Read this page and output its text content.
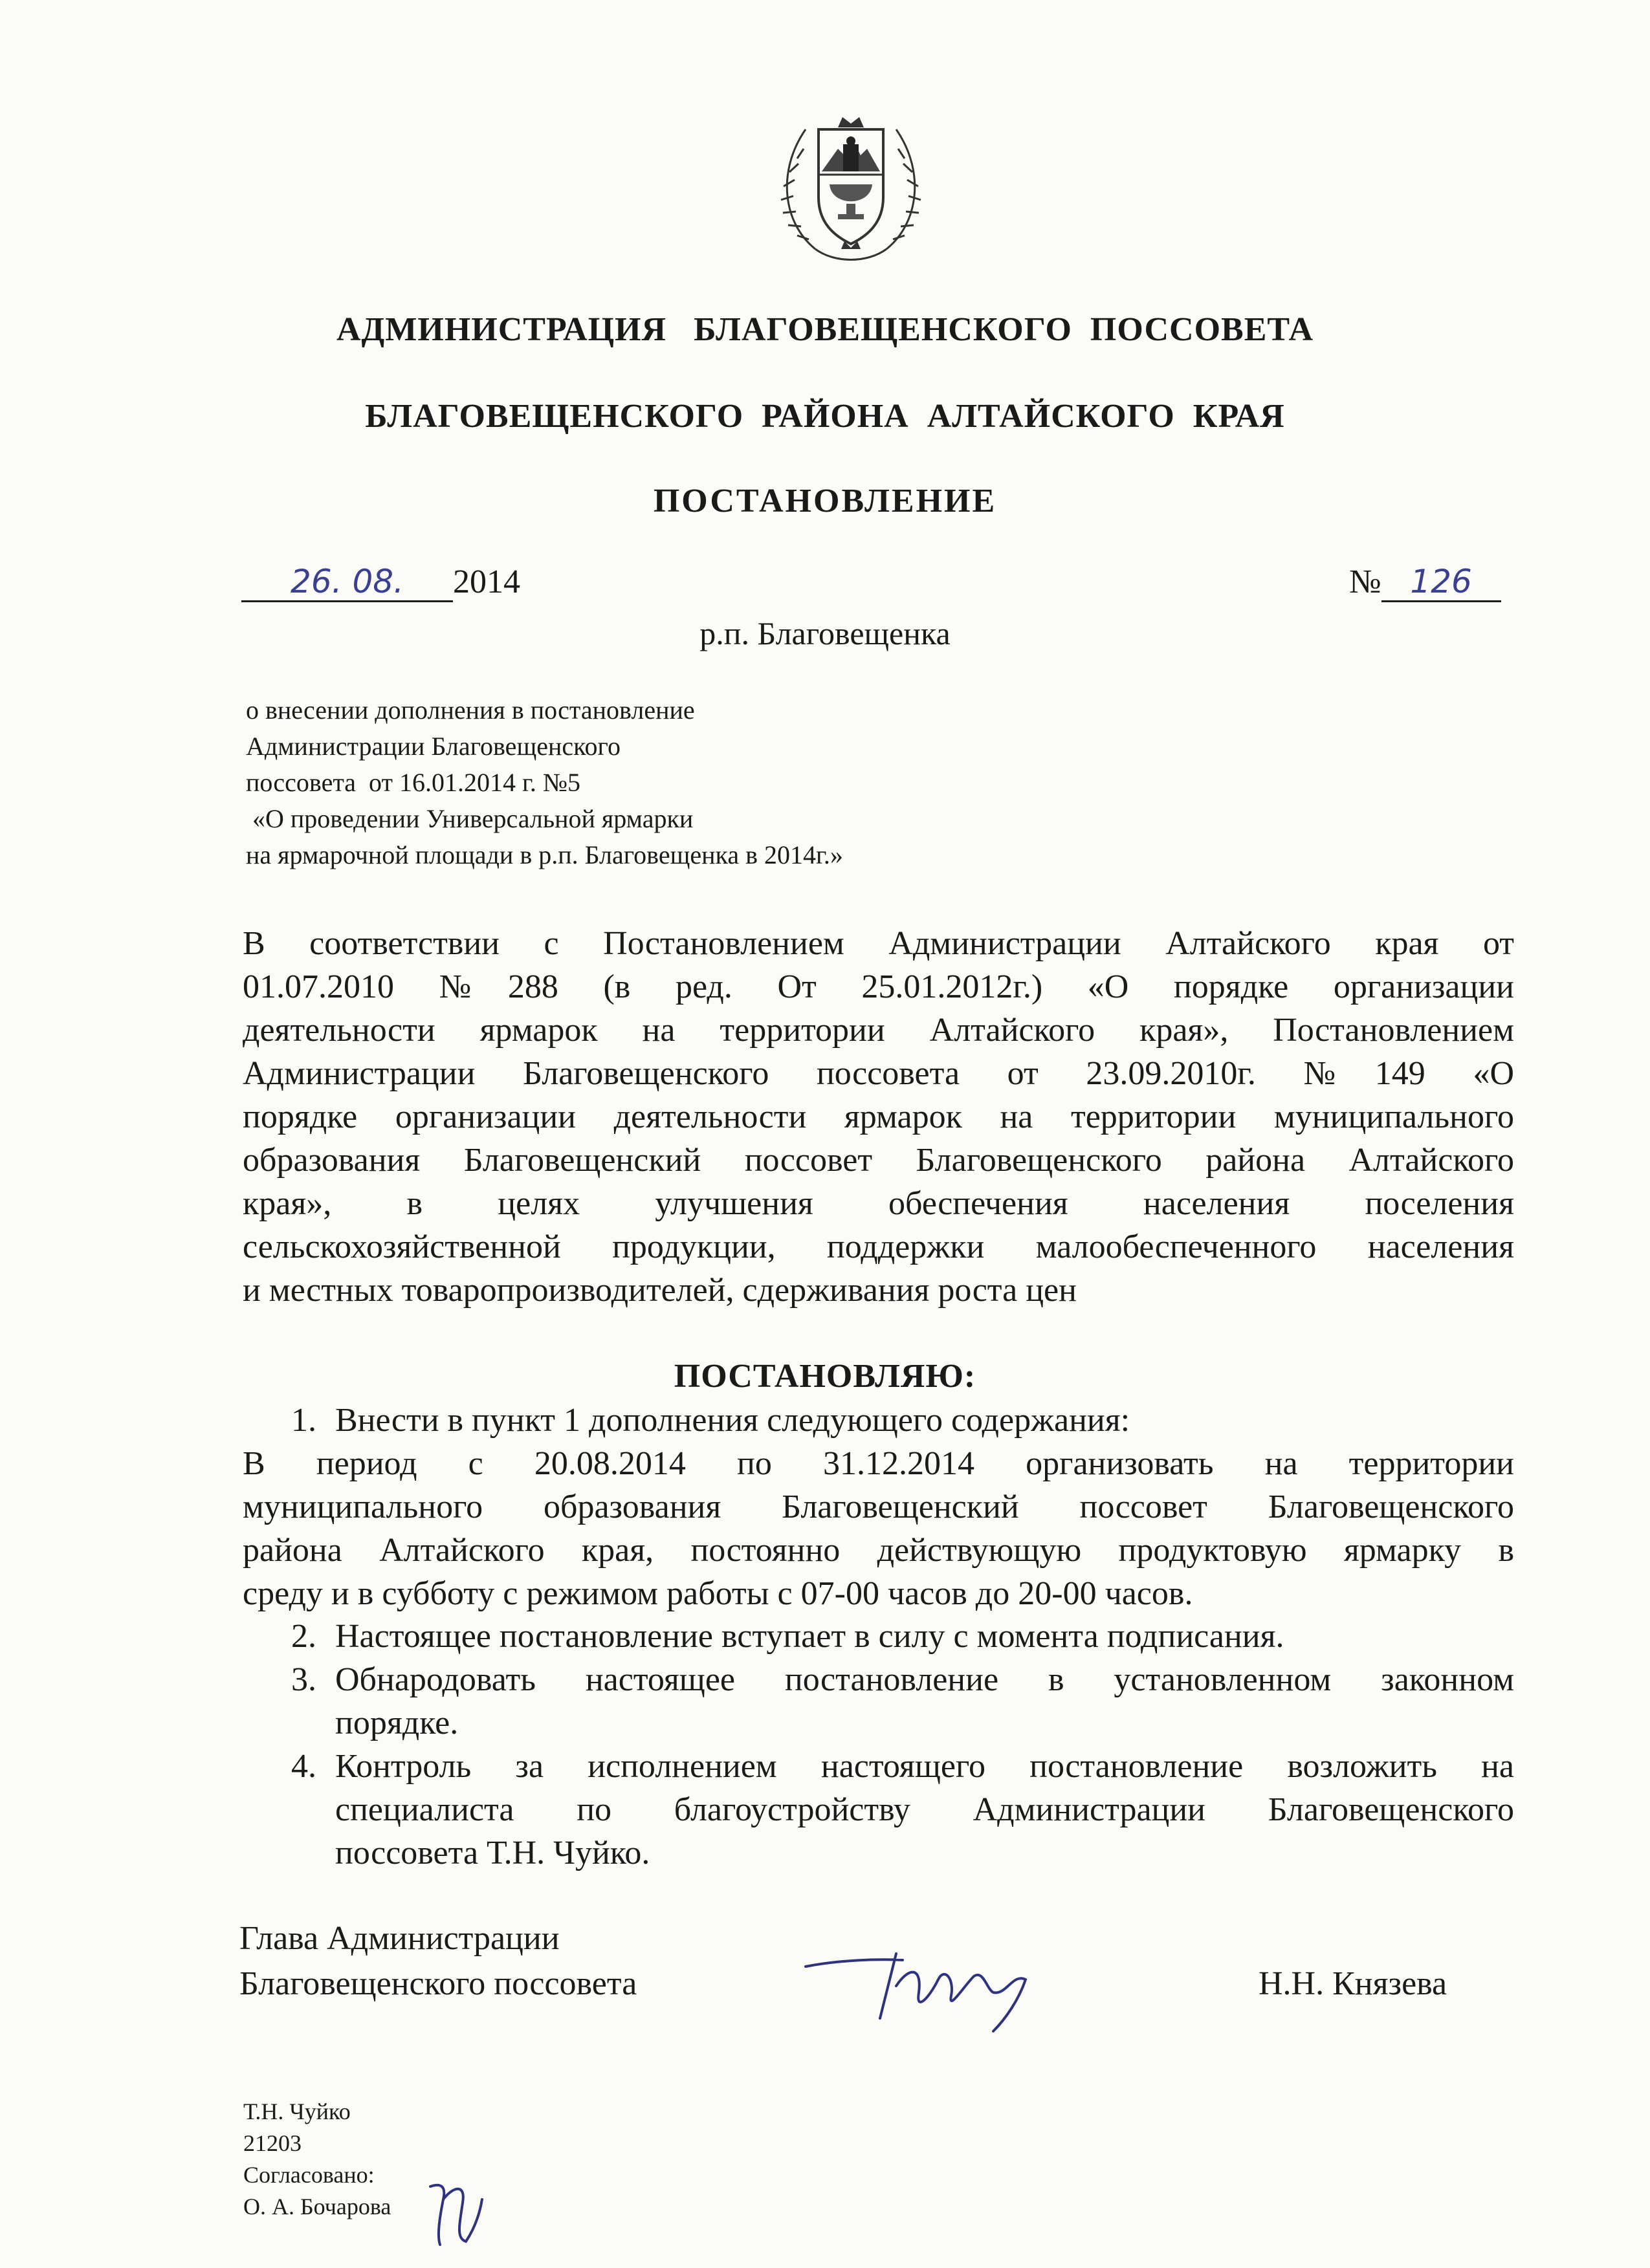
АДМИНИСТРАЦИЯ   БЛАГОВЕЩЕНСКОГО  ПОССОВЕТА
БЛАГОВЕЩЕНСКОГО  РАЙОНА  АЛТАЙСКОГО  КРАЯ
ПОСТАНОВЛЕНИЕ
26. 08. 2014	№ 126
р.п. Благовещенка
о внесении дополнения в постановление
Администрации Благовещенского
поссовета  от 16.01.2014 г. №5
«О проведении Универсальной ярмарки
на ярмарочной площади в р.п. Благовещенка в 2014г.»
В соответствии с Постановлением Администрации Алтайского края от
01.07.2010 №288 (в ред. От 25.01.2012г.) «О порядке организации
деятельности ярмарок на территории Алтайского края», Постановлением
Администрации Благовещенского поссовета от 23.09.2010г. №149 «О
порядке организации деятельности ярмарок на территории муниципального
образования Благовещенский поссовет Благовещенского района Алтайского
края», в целях улучшения обеспечения населения поселения
сельскохозяйственной продукции, поддержки малообеспеченного населения
и местных товаропроизводителей, сдерживания роста цен
ПОСТАНОВЛЯЮ:
1. Внести в пункт 1 дополнения следующего содержания:
В период с 20.08.2014 по 31.12.2014 организовать на территории
муниципального образования Благовещенский поссовет Благовещенского
района Алтайского края, постоянно действующую продуктовую ярмарку в
среду и в субботу с режимом работы с 07-00 часов до 20-00 часов.
2. Настоящее постановление вступает в силу с момента подписания.
3. Обнародовать настоящее постановление в установленном законном
порядке.
4. Контроль за исполнением настоящего постановление возложить на
специалиста по благоустройству Администрации Благовещенского
поссовета Т.Н. Чуйко.
Глава Администрации
Благовещенского поссовета	Н.Н. Князева
Т.Н. Чуйко
21203
Согласовано:
О. А. Бочарова
